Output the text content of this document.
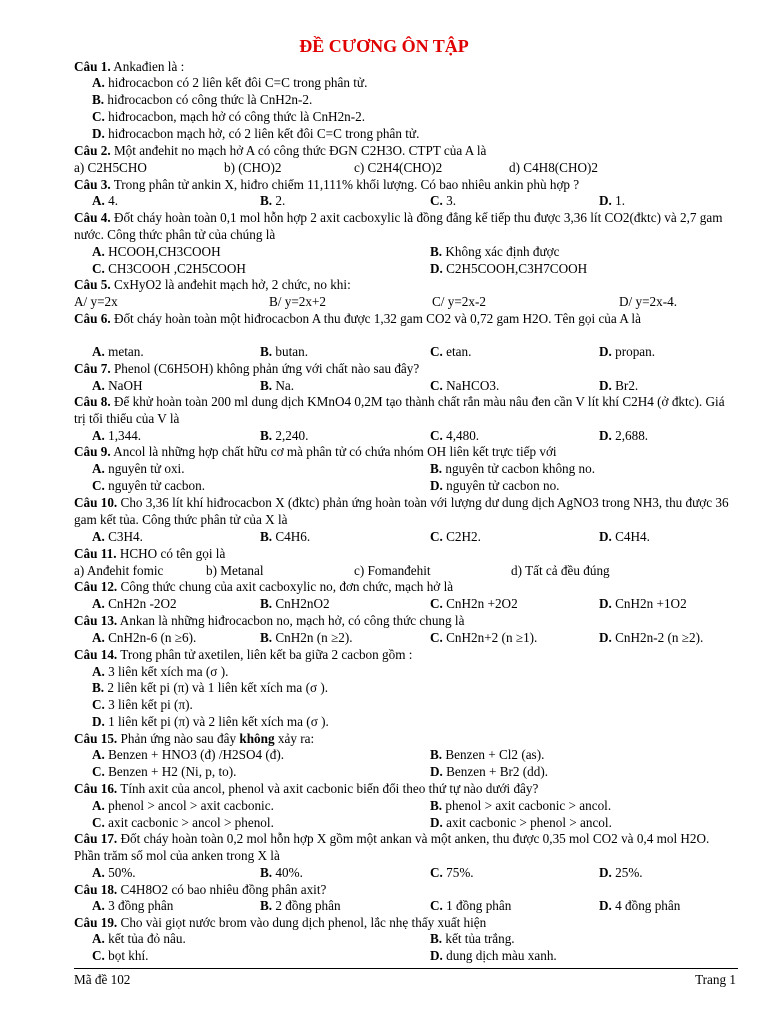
ĐỀ CƯƠNG ÔN TẬP
Câu 1. Ankađien là :
A. hiđrocacbon có 2 liên kết đôi C=C trong phân tử.
B. hiđrocacbon có công thức là CnH2n-2.
C. hiđrocacbon, mạch hở có công thức là CnH2n-2.
D. hiđrocacbon mạch hở, có 2 liên kết đôi C=C trong phân tử.
Câu 2. Một anđehit no mạch hở A có công thức ĐGN C2H3O. CTPT của A là
a) C2H5CHO	b) (CHO)2	c) C2H4(CHO)2	d) C4H8(CHO)2
Câu 3. Trong phân tử ankin X, hiđro chiếm 11,111% khối lượng. Có bao nhiêu ankin phù hợp ?
A. 4.	B. 2.	C. 3.	D. 1.
Câu 4. Đốt cháy hoàn toàn 0,1 mol hỗn hợp 2 axit cacboxylic là đồng đẳng kế tiếp thu được 3,36 lít CO2(đktc) và 2,7 gam nước. Công thức phân tử của chúng là
A. HCOOH,CH3COOH	B. Không xác định được
C. CH3COOH ,C2H5COOH	D. C2H5COOH,C3H7COOH
Câu 5. CxHyO2 là anđehit mạch hở, 2 chức, no khi:
A/ y=2x	B/ y=2x+2	C/ y=2x-2	D/ y=2x-4.
Câu 6. Đốt cháy hoàn toàn một hiđrocacbon A thu được 1,32 gam CO2 và 0,72 gam H2O. Tên gọi của A là
A. metan.	B. butan.	C. etan.	D. propan.
Câu 7. Phenol (C6H5OH) không phản ứng với chất nào sau đây?
A. NaOH	B. Na.	C. NaHCO3.	D. Br2.
Câu 8. Để khử hoàn toàn 200 ml dung dịch KMnO4 0,2M tạo thành chất rắn màu nâu đen cần V lít khí C2H4 (ở đktc). Giá trị tối thiểu của V là
A. 1,344.	B. 2,240.	C. 4,480.	D. 2,688.
Câu 9. Ancol là những hợp chất hữu cơ mà phân tử có chứa nhóm OH liên kết trực tiếp với
A. nguyên tử oxi.	B. nguyên tử cacbon không no.
C. nguyên tử cacbon.	D. nguyên tử cacbon no.
Câu 10. Cho 3,36 lít khí hiđrocacbon X (đktc) phản ứng hoàn toàn với lượng dư dung dịch AgNO3 trong NH3, thu được 36 gam kết tủa. Công thức phân tử của X là
A. C3H4.	B. C4H6.	C. C2H2.	D. C4H4.
Câu 11. HCHO có tên gọi là
a) Anđehit fomic	b) Metanal	c) Fomanđehit	d) Tất cả đều đúng
Câu 12. Công thức chung của axit cacboxylic no, đơn chức, mạch hở là
A. CnH2n -2O2	B. CnH2nO2	C. CnH2n +2O2	D. CnH2n +1O2
Câu 13. Ankan là những hiđrocacbon no, mạch hở, có công thức chung là
A. CnH2n-6 (n ≥6).	B. CnH2n (n ≥2).	C. CnH2n+2 (n ≥1).	D. CnH2n-2 (n ≥2).
Câu 14. Trong phân tử axetilen, liên kết ba giữa 2 cacbon gồm :
A. 3 liên kết xích ma (σ ).
B. 2 liên kết pi (π) và 1 liên kết xích ma (σ ).
C. 3 liên kết pi (π).
D. 1 liên kết pi (π) và 2 liên kết xích ma (σ ).
Câu 15. Phản ứng nào sau đây không xảy ra:
A. Benzen + HNO3 (đ) /H2SO4 (đ).	B. Benzen + Cl2 (as).
C. Benzen + H2 (Ni, p, to).	D. Benzen + Br2 (dd).
Câu 16. Tính axit của ancol, phenol và axit cacbonic biến đổi theo thứ tự nào dưới đây?
A. phenol > ancol > axit cacbonic.	B. phenol > axit cacbonic > ancol.
C. axit cacbonic > ancol > phenol.	D. axit cacbonic > phenol > ancol.
Câu 17. Đốt cháy hoàn toàn 0,2 mol hỗn hợp X gồm một ankan và một anken, thu được 0,35 mol CO2 và 0,4 mol H2O. Phần trăm số mol của anken trong X là
A. 50%.	B. 40%.	C. 75%.	D. 25%.
Câu 18. C4H8O2 có bao nhiêu đồng phân axit?
A. 3 đồng phân	B. 2 đồng phân	C. 1 đồng phân	D. 4 đồng phân
Câu 19. Cho vài giọt nước brom vào dung dịch phenol, lắc nhẹ thấy xuất hiện
A. kết tủa đỏ nâu.	B. kết tủa trắng.
C. bọt khí.	D. dung dịch màu xanh.
Mã đề 102	Trang 1
